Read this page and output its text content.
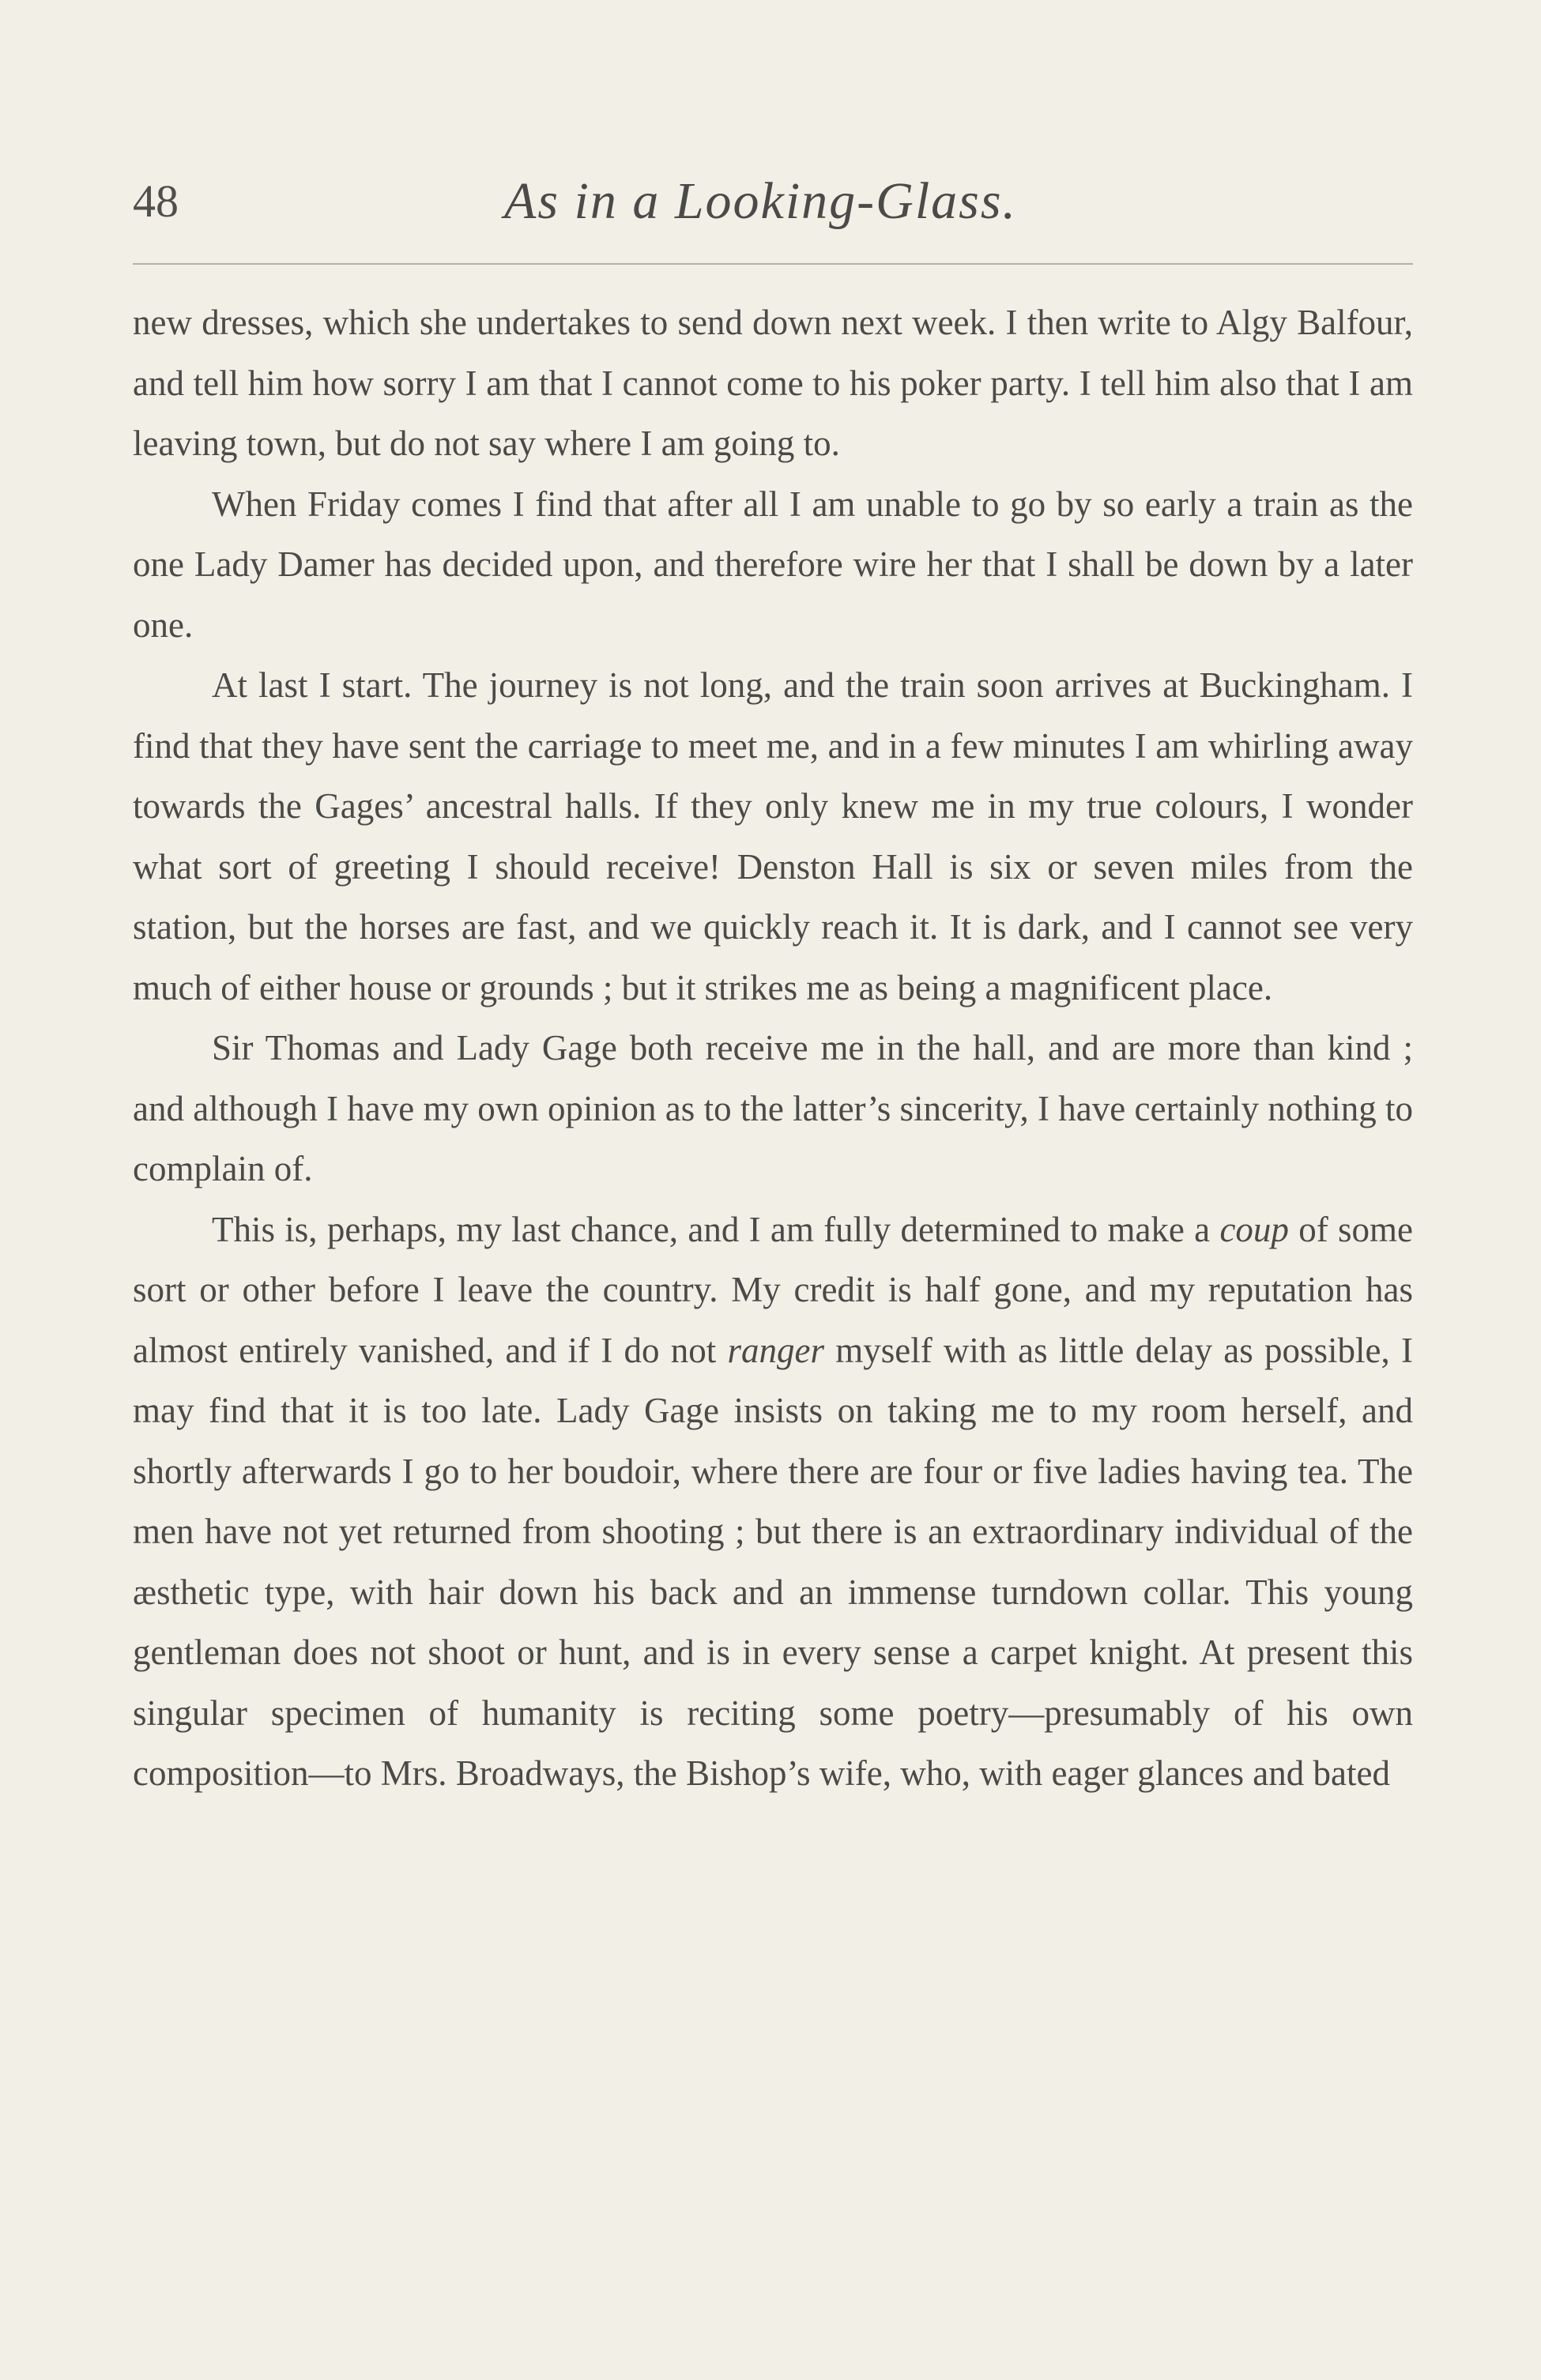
48	As in a Looking-Glass.

new dresses, which she undertakes to send down next week. I then write to Algy Balfour, and tell him how sorry I am that I cannot come to his poker party. I tell him also that I am leaving town, but do not say where I am going to.

When Friday comes I find that after all I am unable to go by so early a train as the one Lady Damer has decided upon, and therefore wire her that I shall be down by a later one.

At last I start. The journey is not long, and the train soon arrives at Buckingham. I find that they have sent the carriage to meet me, and in a few minutes I am whirling away towards the Gages’ ancestral halls. If they only knew me in my true colours, I wonder what sort of greeting I should receive! Denston Hall is six or seven miles from the station, but the horses are fast, and we quickly reach it. It is dark, and I cannot see very much of either house or grounds ; but it strikes me as being a magnificent place.

Sir Thomas and Lady Gage both receive me in the hall, and are more than kind ; and although I have my own opinion as to the latter’s sincerity, I have certainly nothing to complain of.

This is, perhaps, my last chance, and I am fully determined to make a coup of some sort or other before I leave the country. My credit is half gone, and my reputation has almost entirely vanished, and if I do not ranger myself with as little delay as possible, I may find that it is too late. Lady Gage insists on taking me to my room herself, and shortly afterwards I go to her boudoir, where there are four or five ladies having tea. The men have not yet returned from shooting ; but there is an extraordinary individual of the æsthetic type, with hair down his back and an immense turndown collar. This young gentleman does not shoot or hunt, and is in every sense a carpet knight. At present this singular specimen of humanity is reciting some poetry—presumably of his own composition—to Mrs. Broadways, the Bishop’s wife, who, with eager glances and bated
